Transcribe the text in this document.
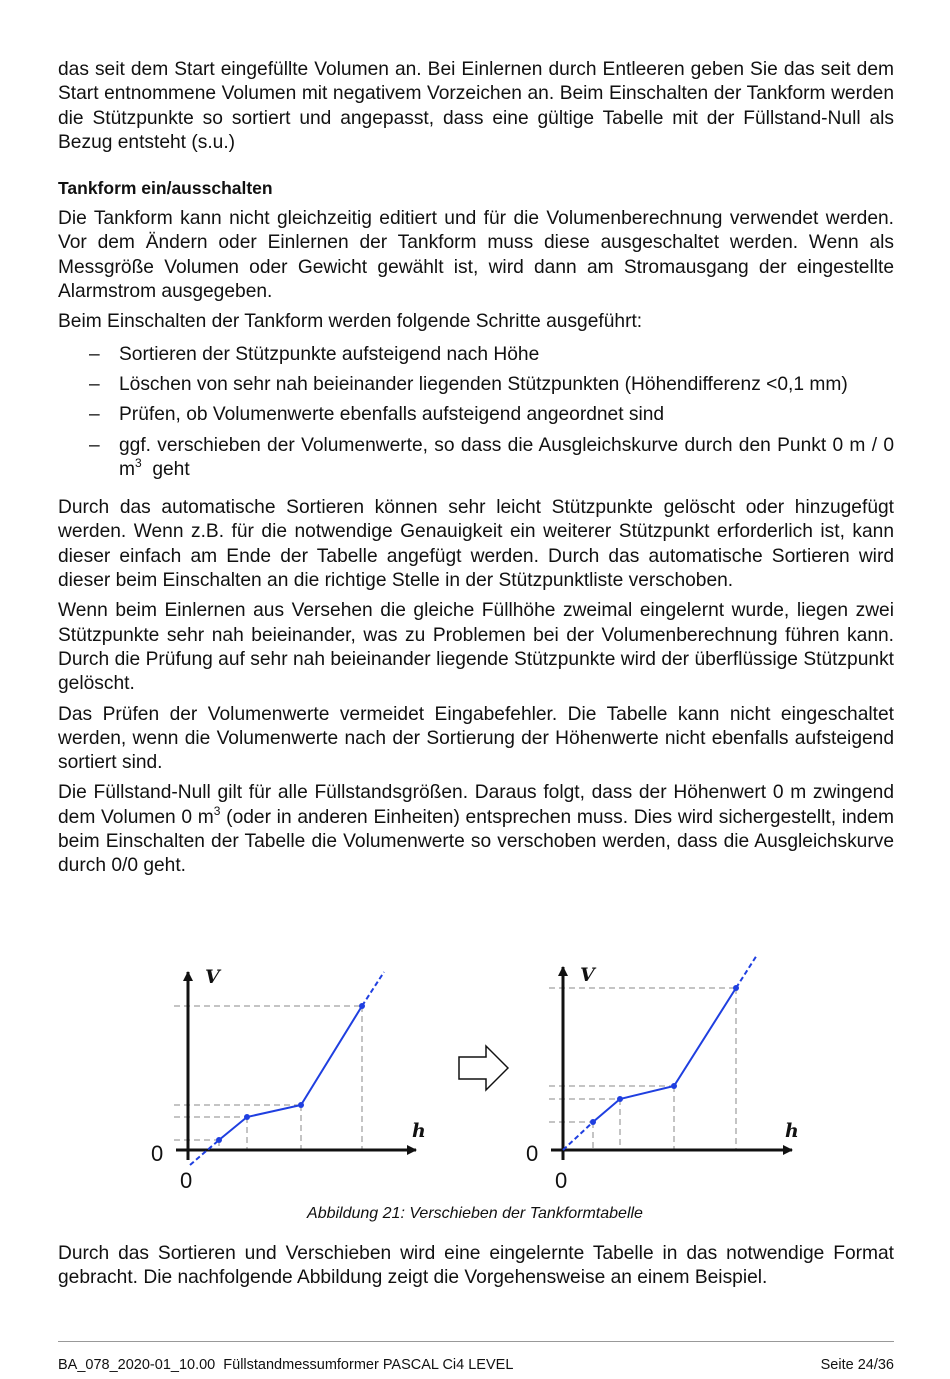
das seit dem Start eingefüllte Volumen an. Bei Einlernen durch Entleeren geben Sie das seit dem Start entnommene Volumen mit negativem Vorzeichen an. Beim Einschalten der Tankform werden die Stützpunkte so sortiert und angepasst, dass eine gültige Tabelle mit der Füllstand-Null als Bezug entsteht (s.u.)

Tankform ein/ausschalten

Die Tankform kann nicht gleichzeitig editiert und für die Volumenberechnung verwendet werden. Vor dem Ändern oder Einlernen der Tankform muss diese ausgeschaltet werden. Wenn als Messgröße Volumen oder Gewicht gewählt ist, wird dann am Stromausgang der eingestellte Alarmstrom ausgegeben.

Beim Einschalten der Tankform werden folgende Schritte ausgeführt:

– Sortieren der Stützpunkte aufsteigend nach Höhe
– Löschen von sehr nah beieinander liegenden Stützpunkten (Höhendifferenz <0,1 mm)
– Prüfen, ob Volumenwerte ebenfalls aufsteigend angeordnet sind
– ggf. verschieben der Volumenwerte, so dass die Ausgleichskurve durch den Punkt 0 m / 0 $m^3$  geht

Durch das automatische Sortieren können sehr leicht Stützpunkte gelöscht oder hinzugefügt werden. Wenn z.B. für die notwendige Genauigkeit ein weiterer Stützpunkt erforderlich ist, kann dieser einfach am Ende der Tabelle angefügt werden. Durch das automatische Sortieren wird dieser beim Einschalten an die richtige Stelle in der Stützpunktliste verschoben.

Wenn beim Einlernen aus Versehen die gleiche Füllhöhe zweimal eingelernt wurde, liegen zwei Stützpunkte sehr nah beieinander, was zu Problemen bei der Volumenberechnung führen kann. Durch die Prüfung auf sehr nah beieinander liegende Stützpunkte wird der überflüssige Stützpunkt gelöscht.

Das Prüfen der Volumenwerte vermeidet Eingabefehler. Die Tabelle kann nicht eingeschaltet werden, wenn die Volumenwerte nach der Sortierung der Höhenwerte nicht ebenfalls aufsteigend sortiert sind.

Die Füllstand-Null gilt für alle Füllstandsgrößen. Daraus folgt, dass der Höhenwert 0 m zwingend dem Volumen 0 $m^3$ (oder in anderen Einheiten) entsprechen muss. Dies wird sichergestellt, indem beim Einschalten der Tabelle die Volumenwerte so verschoben werden, dass die Ausgleichskurve durch 0/0 geht.

V
h
0
0
V
h
0
0
Abbildung 21: Verschieben der Tankformtabelle

Durch das Sortieren und Verschieben wird eine eingelernte Tabelle in das notwendige Format gebracht. Die nachfolgende Abbildung zeigt die Vorgehensweise an einem Beispiel.

BA_078_2020-01_10.00  Füllstandmessumformer PASCAL Ci4 LEVEL	Seite 24/36
